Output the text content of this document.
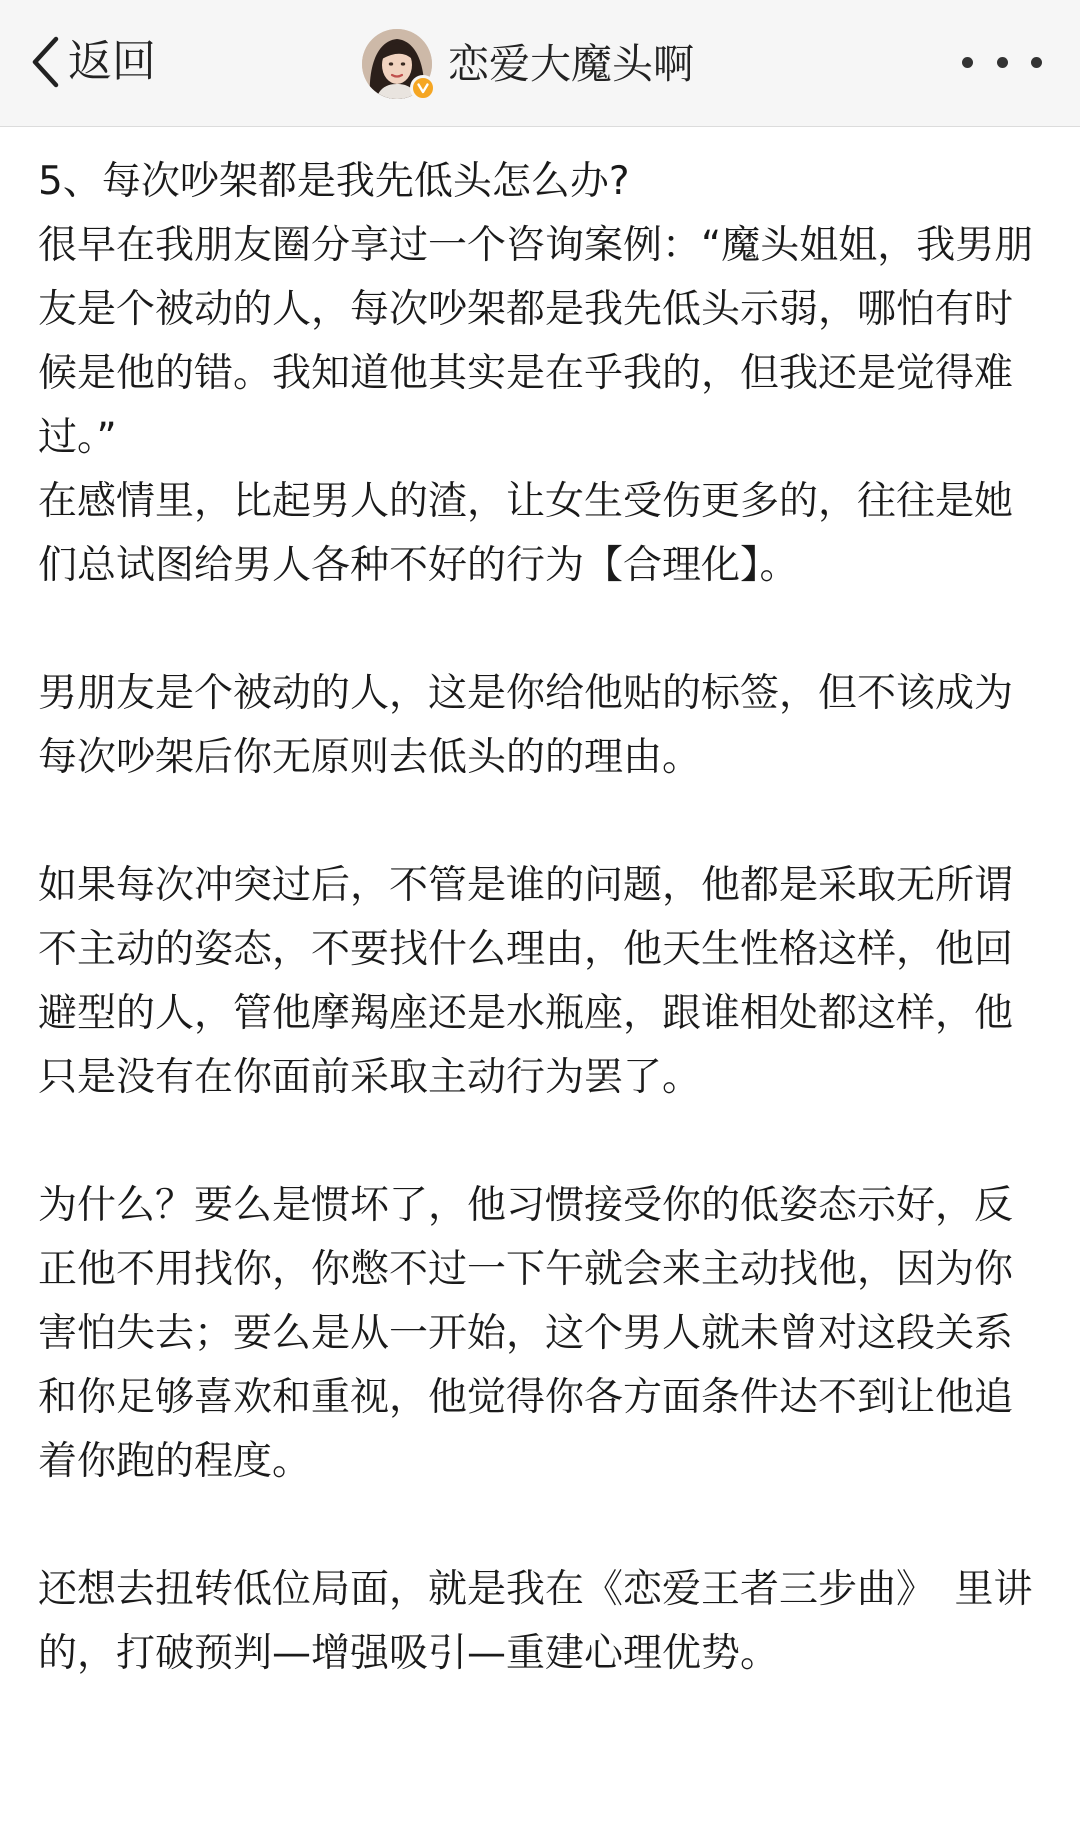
返回	恋爱大魔头啊

5、每次吵架都是我先低头怎么办?
很早在我朋友圈分享过一个咨询案例：“魔头姐姐，我男朋友是个被动的人，每次吵架都是我先低头示弱，哪怕有时候是他的错。我知道他其实是在乎我的，但我还是觉得难过。”
在感情里，比起男人的渣，让女生受伤更多的，往往是她们总试图给男人各种不好的行为【合理化】。

男朋友是个被动的人，这是你给他贴的标签，但不该成为每次吵架后你无原则去低头的的理由。

如果每次冲突过后，不管是谁的问题，他都是采取无所谓不主动的姿态，不要找什么理由，他天生性格这样，他回避型的人，管他摩羯座还是水瓶座，跟谁相处都这样，他只是没有在你面前采取主动行为罢了。

为什么？要么是惯坏了，他习惯接受你的低姿态示好，反正他不用找你，你憋不过一下午就会来主动找他，因为你害怕失去；要么是从一开始，这个男人就未曾对这段关系和你足够喜欢和重视，他觉得你各方面条件达不到让他追着你跑的程度。

还想去扭转低位局面，就是我在《恋爱王者三步曲》　里讲的，打破预判—增强吸引—重建心理优势。
